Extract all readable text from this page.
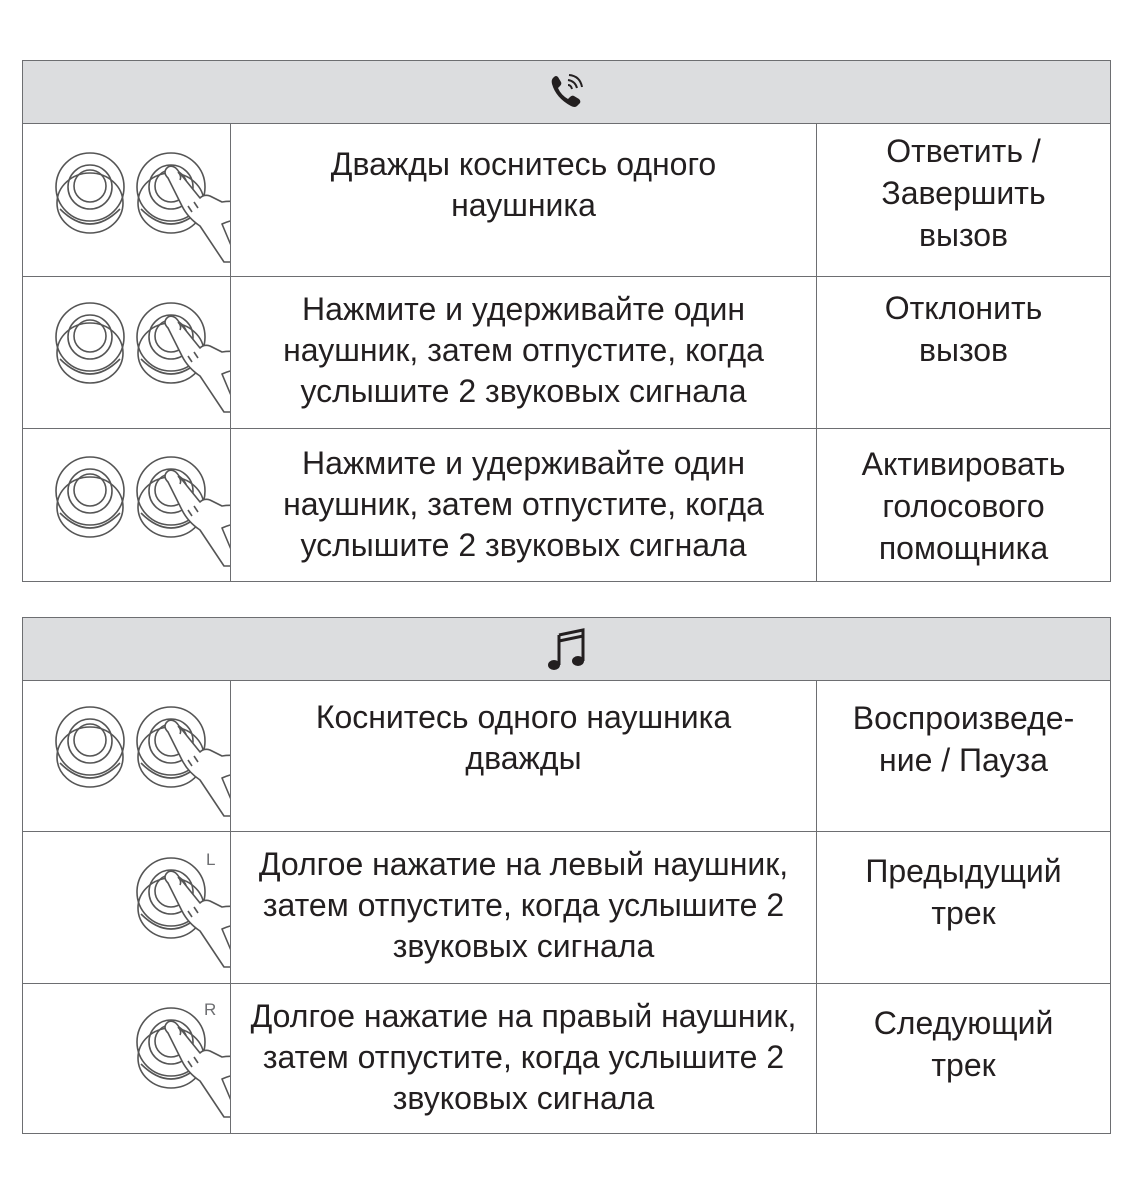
Дважды коснитесь одного наушника
Ответить / Завершить вызов
Нажмите и удерживайте один наушник, затем отпустите, когда услышите 2 звуковых сигнала
Отклонить вызов
Нажмите и удерживайте один наушник, затем отпустите, когда услышите 2 звуковых сигнала
Активировать голосового помощника
Коснитесь одного наушника дважды
Воспроизведе-ние / Пауза
L	Долгое нажатие на левый наушник, затем отпустите, когда услышите 2 звуковых сигнала
Предыдущий трек
R	Долгое нажатие на правый наушник, затем отпустите, когда услышите 2 звуковых сигнала
Следующий трек
